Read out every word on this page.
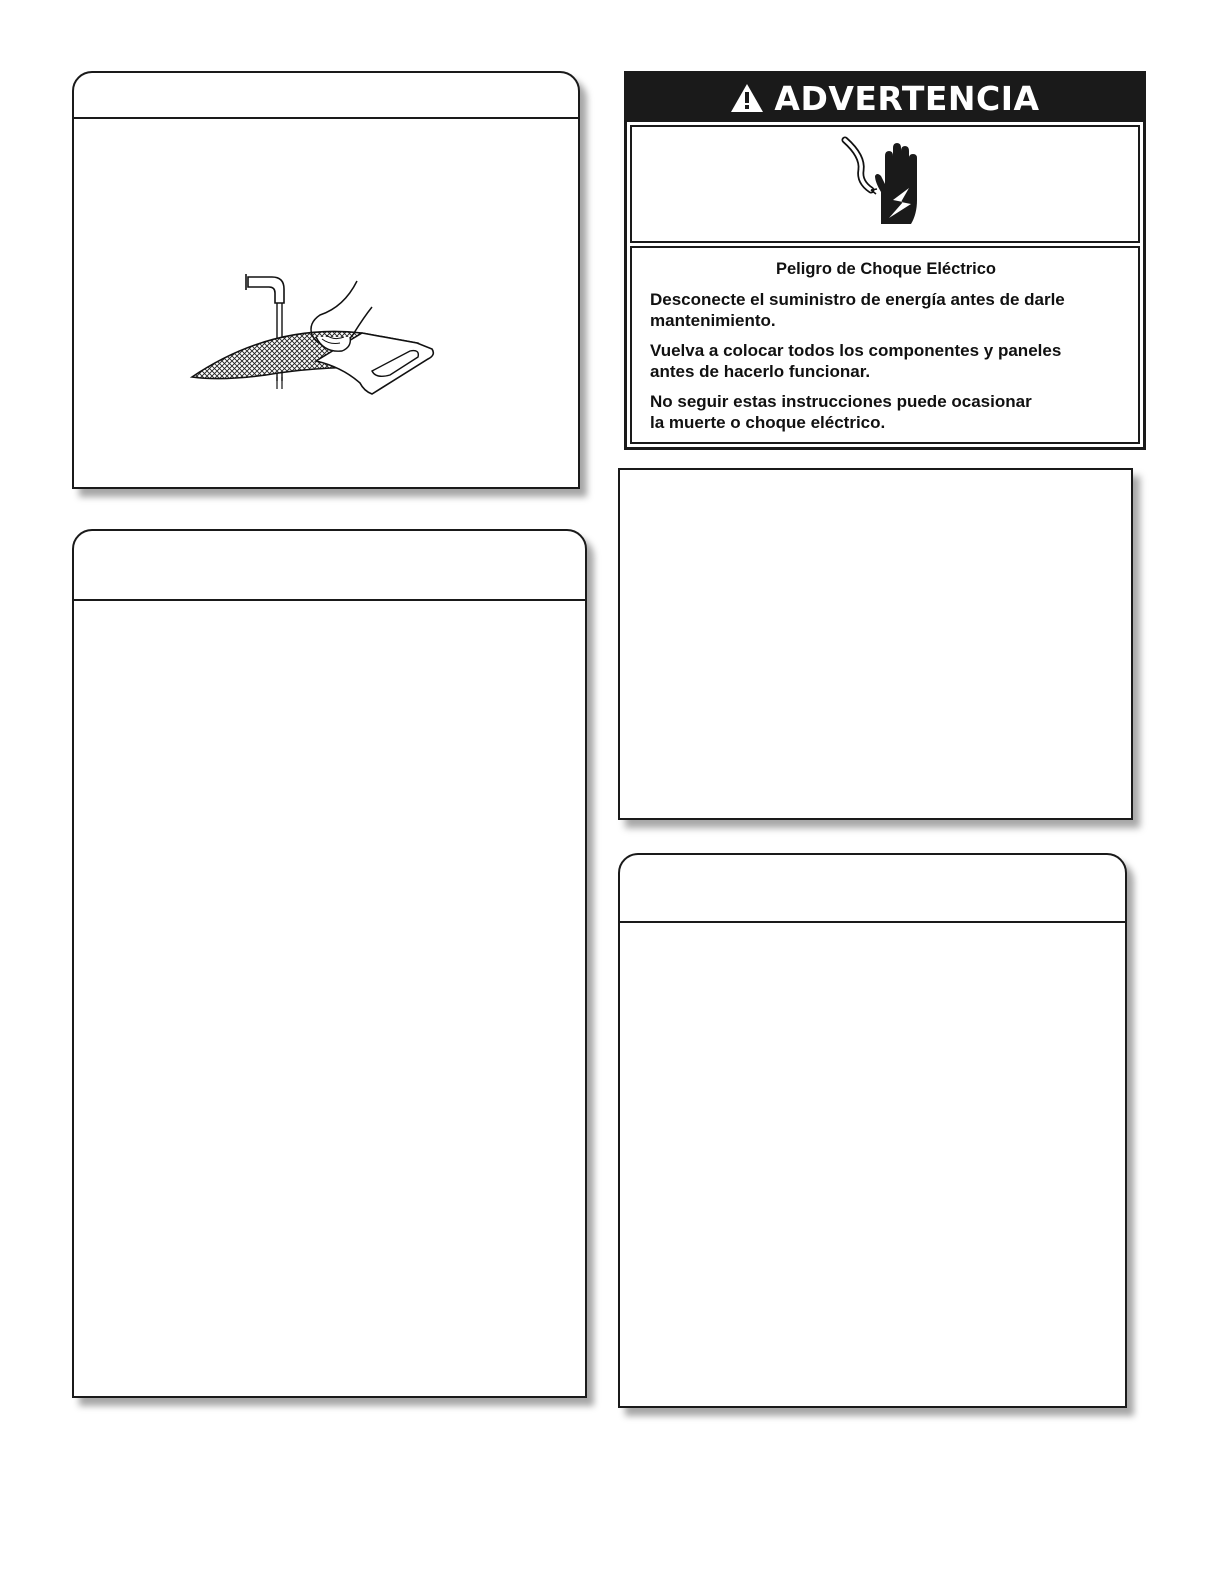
ADVERTENCIA

Peligro de Choque Eléctrico

Desconecte el suministro de energía antes de darle
mantenimiento.

Vuelva a colocar todos los componentes y paneles
antes de hacerlo funcionar.

No seguir estas instrucciones puede ocasionar
la muerte o choque eléctrico.
